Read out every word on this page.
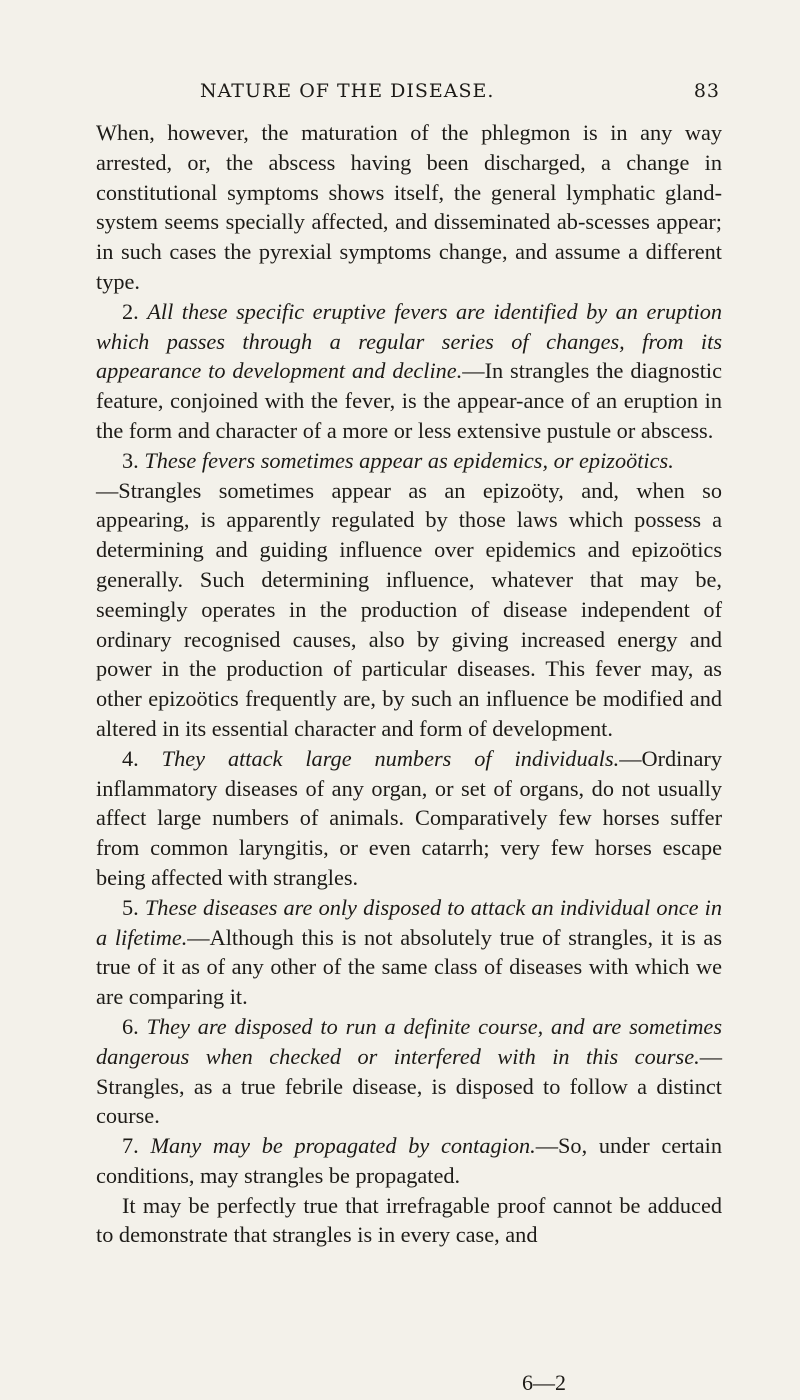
NATURE OF THE DISEASE.	83

When, however, the maturation of the phlegmon is in any way arrested, or, the abscess having been discharged, a change in constitutional symptoms shows itself, the general lymphatic gland-system seems specially affected, and disseminated ab-scesses appear; in such cases the pyrexial symptoms change, and assume a different type.

2. All these specific eruptive fevers are identified by an eruption which passes through a regular series of changes, from its appearance to development and decline.—In strangles the diagnostic feature, conjoined with the fever, is the appear-ance of an eruption in the form and character of a more or less extensive pustule or abscess.

3. These fevers sometimes appear as epidemics, or epizoötics.
—Strangles sometimes appear as an epizoöty, and, when so appearing, is apparently regulated by those laws which possess a determining and guiding influence over epidemics and epizoötics generally. Such determining influence, whatever that may be, seemingly operates in the production of disease independent of ordinary recognised causes, also by giving increased energy and power in the production of particular diseases. This fever may, as other epizoötics frequently are, by such an influence be modified and altered in its essential character and form of development.

4. They attack large numbers of individuals.—Ordinary inflammatory diseases of any organ, or set of organs, do not usually affect large numbers of animals. Comparatively few horses suffer from common laryngitis, or even catarrh; very few horses escape being affected with strangles.

5. These diseases are only disposed to attack an individual once in a lifetime.—Although this is not absolutely true of strangles, it is as true of it as of any other of the same class of diseases with which we are comparing it.

6. They are disposed to run a definite course, and are sometimes dangerous when checked or interfered with in this course.—Strangles, as a true febrile disease, is disposed to follow a distinct course.

7. Many may be propagated by contagion.—So, under certain conditions, may strangles be propagated.

It may be perfectly true that irrefragable proof cannot be adduced to demonstrate that strangles is in every case, and

6—2
